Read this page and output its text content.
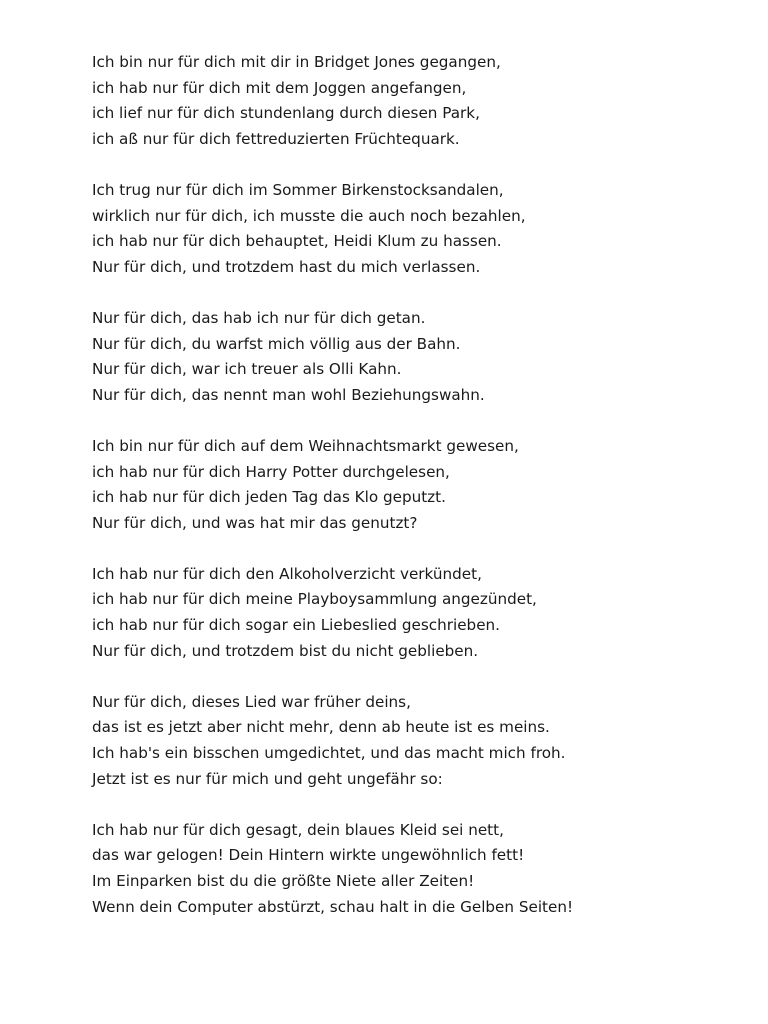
Ich bin nur für dich mit dir in Bridget Jones gegangen,
ich hab nur für dich mit dem Joggen angefangen,
ich lief nur für dich stundenlang durch diesen Park,
ich aß nur für dich fettreduzierten Früchtequark.
Ich trug nur für dich im Sommer Birkenstocksandalen,
wirklich nur für dich, ich musste die auch noch bezahlen,
ich hab nur für dich behauptet, Heidi Klum zu hassen.
Nur für dich, und trotzdem hast du mich verlassen.
Nur für dich, das hab ich nur für dich getan.
Nur für dich, du warfst mich völlig aus der Bahn.
Nur für dich, war ich treuer als Olli Kahn.
Nur für dich, das nennt man wohl Beziehungswahn.
Ich bin nur für dich auf dem Weihnachtsmarkt gewesen,
ich hab nur für dich Harry Potter durchgelesen,
ich hab nur für dich jeden Tag das Klo geputzt.
Nur für dich, und was hat mir das genutzt?
Ich hab nur für dich den Alkoholverzicht verkündet,
ich hab nur für dich meine Playboysammlung angezündet,
ich hab nur für dich sogar ein Liebeslied geschrieben.
Nur für dich, und trotzdem bist du nicht geblieben.
Nur für dich, dieses Lied war früher deins,
das ist es jetzt aber nicht mehr, denn ab heute ist es meins.
Ich hab's ein bisschen umgedichtet, und das macht mich froh.
Jetzt ist es nur für mich und geht ungefähr so:
Ich hab nur für dich gesagt, dein blaues Kleid sei nett,
das war gelogen! Dein Hintern wirkte ungewöhnlich fett!
Im Einparken bist du die größte Niete aller Zeiten!
Wenn dein Computer abstürzt, schau halt in die Gelben Seiten!
